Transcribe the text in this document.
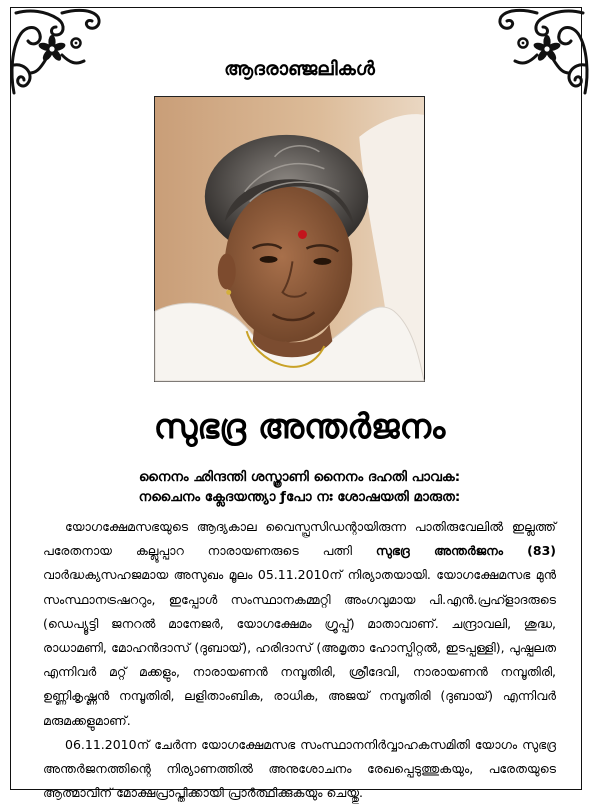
ആദരാഞ്ജലികൾ
സുഭദ്ര അന്തർജനം
നൈനം ഛിന്ദന്തി ശസ്ത്രാണി നൈനം ദഹതി പാവക:
നചൈനം ക്ലേദയന്ത്യാ ƒപോ നഃ ശോഷയതി മാരുത:

യോഗക്ഷേമസഭയുടെ ആദ്യകാല വൈസ്പ്രസിഡന്റായിരുന്ന പാതിരുവേലിൽ ഇല്ലത്ത് പരേതനായ കല്ലൂപ്പാറ നാരായണരുടെ പത്നി സുഭദ്ര അന്തർജനം (83) വാർദ്ധക്യസഹജമായ അസുഖം മൂലം 05.11.2010ന് നിര്യാതയായി. യോഗക്ഷേമസഭ മുൻ സംസ്ഥാനട്രഷററും, ഇപ്പോൾ സംസ്ഥാനകമ്മറ്റി അംഗവുമായ പി.എൻ.പ്രഹ്ളാദരുടെ (ഡെപ്യൂട്ടി ജനറൽ മാനേജർ, യോഗക്ഷേമം ഗ്രൂപ്പ്) മാതാവാണ്. ചന്ദ്രാവലി, ശുദ്ധ, രാധാമണി, മോഹൻദാസ് (ദുബായ്), ഹരിദാസ് (അമൃതാ ഹോസ്പിറ്റൽ, ഇടപ്പള്ളി), പുഷ്പലത എന്നിവർ മറ്റ് മക്കളും, നാരായണൻ നമ്പൂതിരി, ശ്രീദേവി, നാരായണൻ നമ്പൂതിരി, ഉണ്ണികൃഷ്ണൻ നമ്പൂതിരി, ലളിതാംബിക, രാധിക, അജയ് നമ്പൂതിരി (ദുബായ്) എന്നിവർ മരുമക്കളുമാണ്.

06.11.2010ന് ചേർന്ന യോഗക്ഷേമസഭ സംസ്ഥാനനിർവ്വാഹകസമിതി യോഗം സുഭദ്ര അന്തർജനത്തിന്റെ നിര്യാണത്തിൽ അനുശോചനം രേഖപ്പെടുത്തുകയും, പരേതയുടെ ആത്മാവിന് മോക്ഷപ്രാപ്തിക്കായി പ്രാർത്ഥിക്കുകയും ചെയ്തു.
